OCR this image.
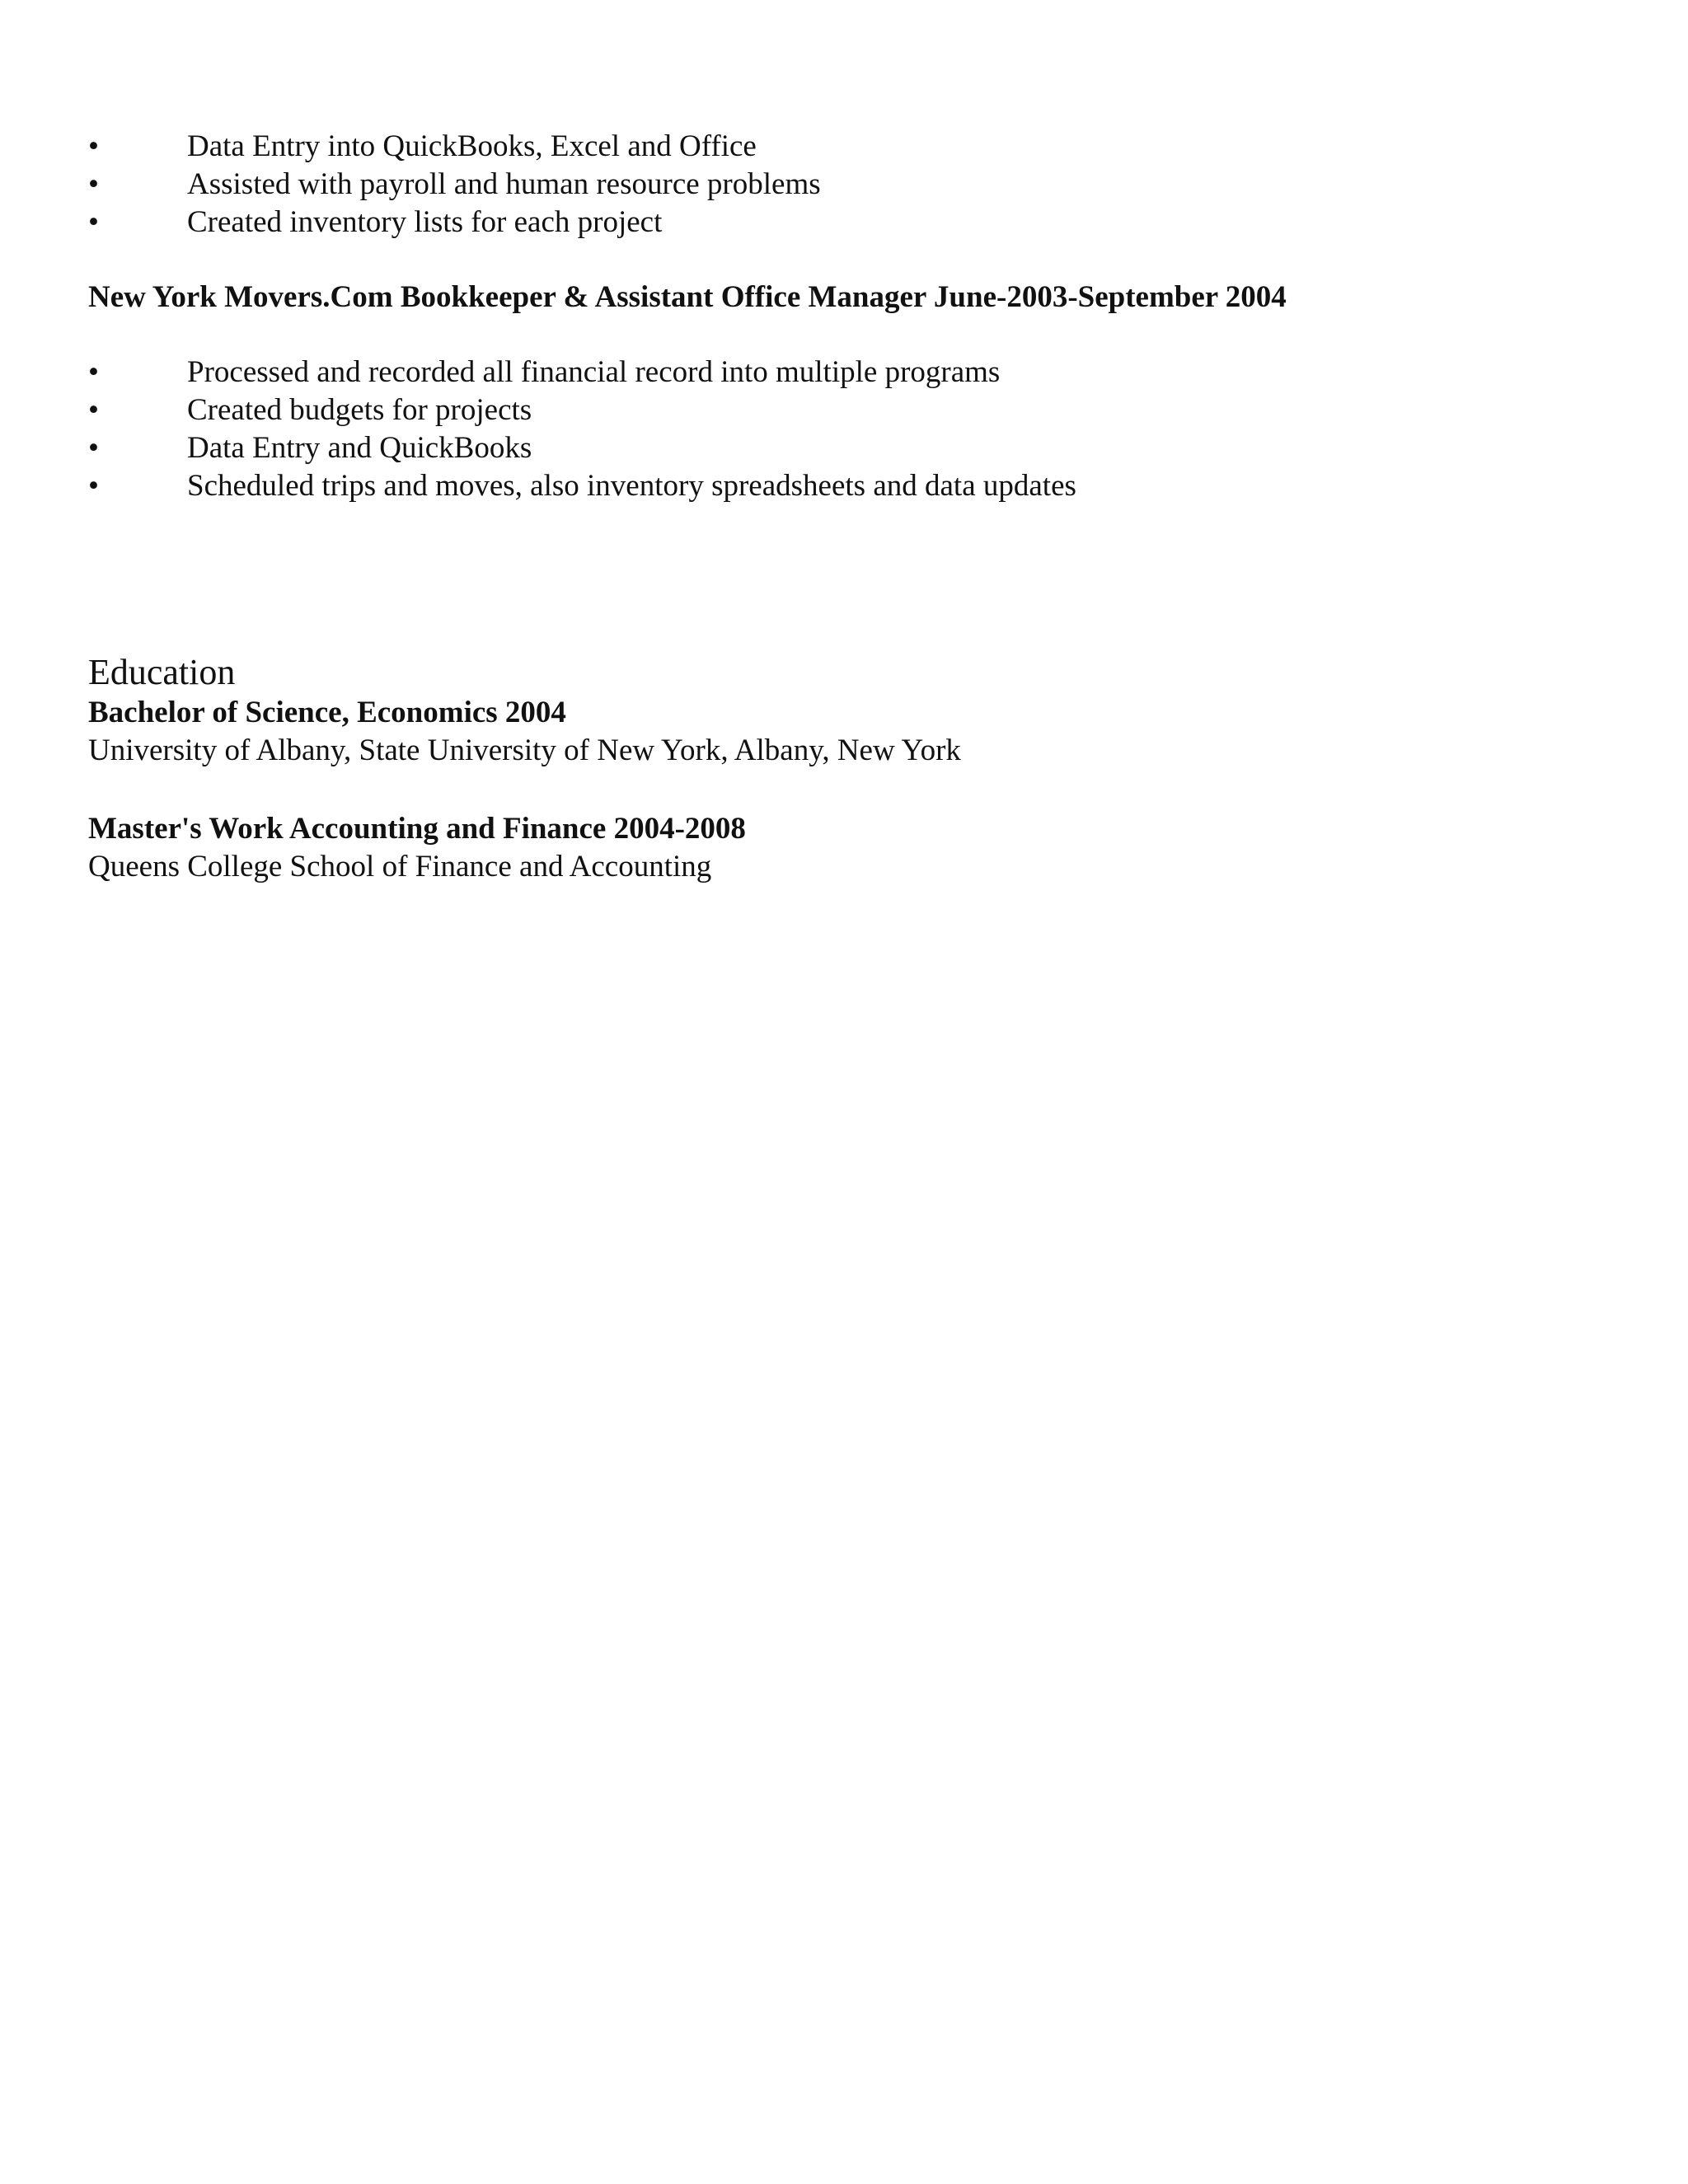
•	Data Entry into QuickBooks, Excel and Office
•	Assisted with payroll and human resource problems
•	Created inventory lists for each project
New York Movers.Com Bookkeeper & Assistant Office Manager June-2003-September 2004
•	Processed and recorded all financial record into multiple programs
•	Created budgets for projects
•	Data Entry and QuickBooks
•	Scheduled trips and moves, also inventory spreadsheets and data updates
Education
Bachelor of Science, Economics 2004
University of Albany, State University of New York, Albany, New York
Master's Work Accounting and Finance 2004-2008
Queens College School of Finance and Accounting
